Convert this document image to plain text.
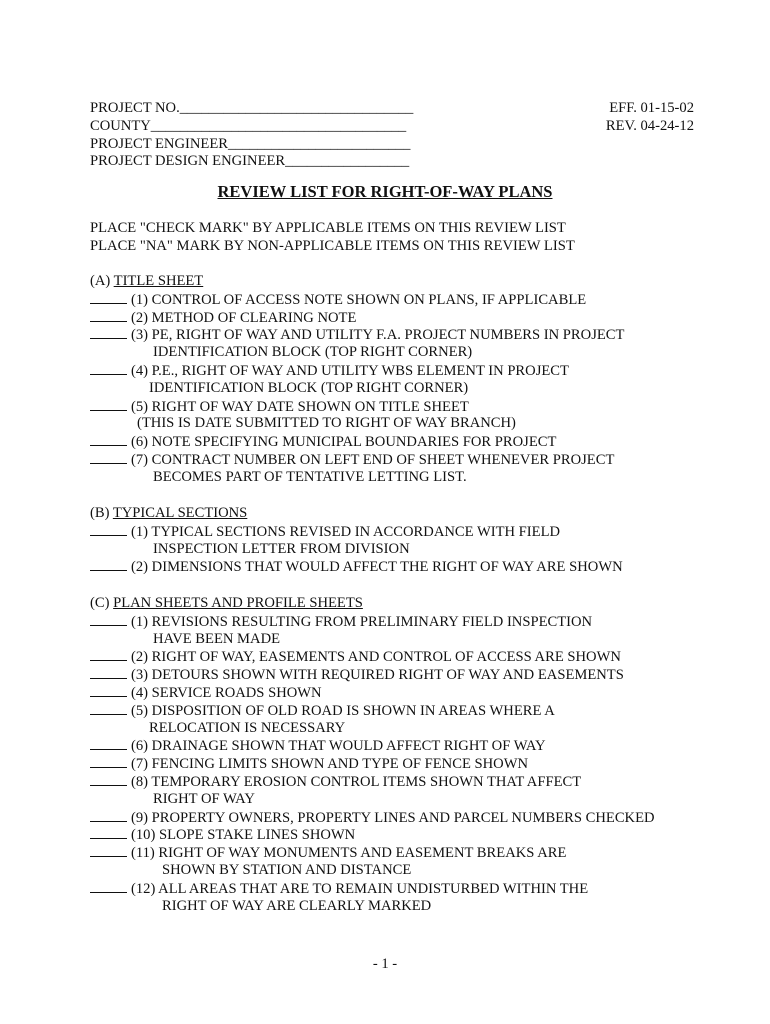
PROJECT NO.________________________________
COUNTY___________________________________
PROJECT ENGINEER_________________________
PROJECT DESIGN ENGINEER_________________
EFF. 01-15-02
REV. 04-24-12
REVIEW LIST FOR RIGHT-OF-WAY PLANS
PLACE "CHECK MARK" BY APPLICABLE ITEMS ON THIS REVIEW LIST
PLACE "NA" MARK BY NON-APPLICABLE ITEMS ON THIS REVIEW LIST
(A) TITLE SHEET
(1) CONTROL OF ACCESS NOTE SHOWN ON PLANS, IF APPLICABLE
(2) METHOD OF CLEARING NOTE
(3) PE, RIGHT OF WAY AND UTILITY F.A. PROJECT NUMBERS IN PROJECT
IDENTIFICATION BLOCK (TOP RIGHT CORNER)
(4) P.E., RIGHT OF WAY AND UTILITY WBS ELEMENT IN PROJECT
IDENTIFICATION BLOCK (TOP RIGHT CORNER)
(5) RIGHT OF WAY DATE SHOWN ON TITLE SHEET
(THIS IS DATE SUBMITTED TO RIGHT OF WAY BRANCH)
(6) NOTE SPECIFYING MUNICIPAL BOUNDARIES FOR PROJECT
(7) CONTRACT NUMBER ON LEFT END OF SHEET WHENEVER PROJECT
BECOMES PART OF TENTATIVE LETTING LIST.
(B) TYPICAL SECTIONS
(1) TYPICAL SECTIONS REVISED IN ACCORDANCE WITH FIELD
INSPECTION LETTER FROM DIVISION
(2) DIMENSIONS THAT WOULD AFFECT THE RIGHT OF WAY ARE SHOWN
(C) PLAN SHEETS AND PROFILE SHEETS
(1) REVISIONS RESULTING FROM PRELIMINARY FIELD INSPECTION
HAVE BEEN MADE
(2) RIGHT OF WAY, EASEMENTS AND CONTROL OF ACCESS ARE SHOWN
(3) DETOURS SHOWN WITH REQUIRED RIGHT OF WAY AND EASEMENTS
(4) SERVICE ROADS SHOWN
(5) DISPOSITION OF OLD ROAD IS SHOWN IN AREAS WHERE A
RELOCATION IS NECESSARY
(6) DRAINAGE SHOWN THAT WOULD AFFECT RIGHT OF WAY
(7) FENCING LIMITS SHOWN AND TYPE OF FENCE SHOWN
(8) TEMPORARY EROSION CONTROL ITEMS SHOWN THAT AFFECT
RIGHT OF WAY
(9) PROPERTY OWNERS, PROPERTY LINES AND PARCEL NUMBERS CHECKED
(10) SLOPE STAKE LINES SHOWN
(11) RIGHT OF WAY MONUMENTS AND EASEMENT BREAKS ARE
SHOWN BY STATION AND DISTANCE
(12) ALL AREAS THAT ARE TO REMAIN UNDISTURBED WITHIN THE
RIGHT OF WAY ARE CLEARLY MARKED
- 1 -
